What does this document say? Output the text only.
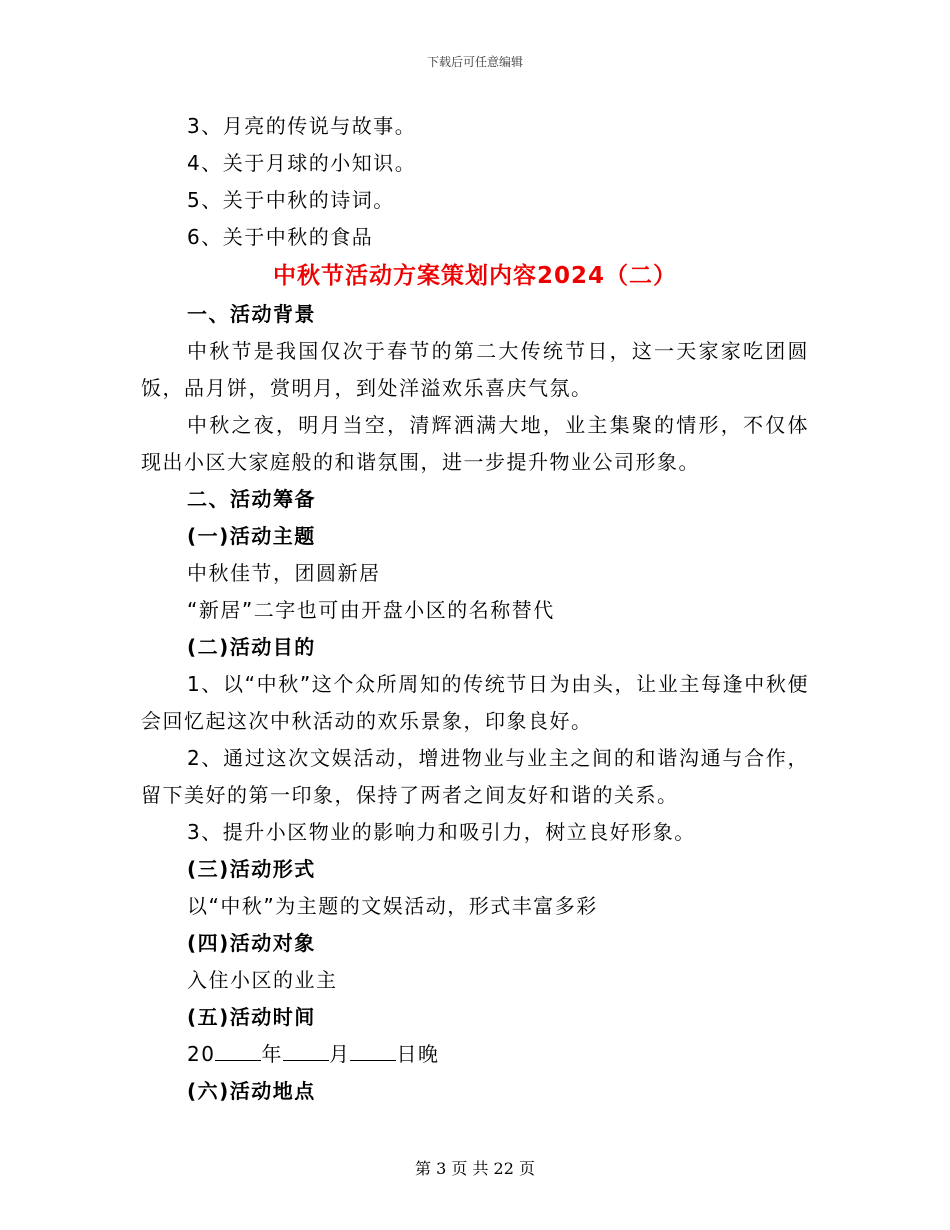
下载后可任意编辑
3、月亮的传说与故事。
4、关于月球的小知识。
5、关于中秋的诗词。
6、关于中秋的食品
中秋节活动方案策划内容2024（二）
一、活动背景
中秋节是我国仅次于春节的第二大传统节日，这一天家家吃团圆饭，品月饼，赏明月，到处洋溢欢乐喜庆气氛。
中秋之夜，明月当空，清辉洒满大地，业主集聚的情形，不仅体现出小区大家庭般的和谐氛围，进一步提升物业公司形象。
二、活动筹备
(一)活动主题
中秋佳节，团圆新居
“新居”二字也可由开盘小区的名称替代
(二)活动目的
1、以“中秋”这个众所周知的传统节日为由头，让业主每逢中秋便会回忆起这次中秋活动的欢乐景象，印象良好。
2、通过这次文娱活动，增进物业与业主之间的和谐沟通与合作，留下美好的第一印象，保持了两者之间友好和谐的关系。
3、提升小区物业的影响力和吸引力，树立良好形象。
(三)活动形式
以“中秋”为主题的文娱活动，形式丰富多彩
(四)活动对象
入住小区的业主
(五)活动时间
20 年 月 日晚
(六)活动地点
第 3 页 共 22 页
